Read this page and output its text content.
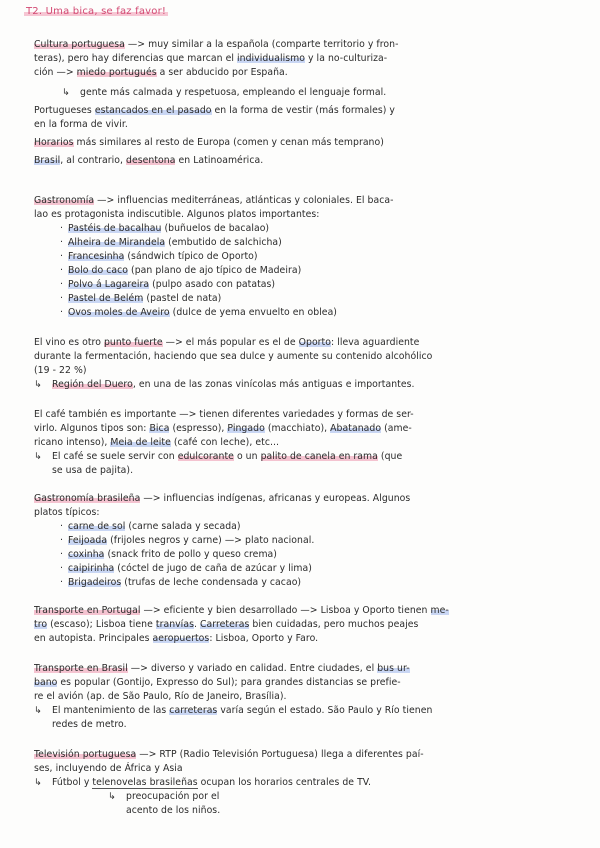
T2. Uma bica, se faz favor!
Cultura portuguesa —> muy similar a la española (comparte territorio y fron-
teras), pero hay diferencias que marcan el individualismo y la no-culturiza-
ción —> miedo portugués a ser abducido por España.
↳ gente más calmada y respetuosa, empleando el lenguaje formal.
Portugueses estancados en el pasado en la forma de vestir (más formales) y
en la forma de vivir.
Horarios más similares al resto de Europa (comen y cenan más temprano)
Brasil, al contrario, desentona en Latinoamérica.
Gastronomía —> influencias mediterráneas, atlánticas y coloniales. El baca-
lao es protagonista indiscutible. Algunos platos importantes:
· Pastéis de bacalhau (buñuelos de bacalao)
· Alheira de Mirandela (embutido de salchicha)
· Francesinha (sándwich típico de Oporto)
· Bolo do caco (pan plano de ajo típico de Madeira)
· Polvo á Lagareira (pulpo asado con patatas)
· Pastel de Belém (pastel de nata)
· Ovos moles de Aveiro (dulce de yema envuelto en oblea)
El vino es otro punto fuerte —> el más popular es el de Oporto: lleva aguardiente
durante la fermentación, haciendo que sea dulce y aumente su contenido alcohólico
(19 - 22 %)
↳ Región del Duero, en una de las zonas vinícolas más antiguas e importantes.
El café también es importante —> tienen diferentes variedades y formas de ser-
virlo. Algunos tipos son: Bica (espresso), Pingado (macchiato), Abatanado (ame-
ricano intenso), Meia de leite (café con leche), etc...
↳ El café se suele servir con edulcorante o un palito de canela en rama (que
se usa de pajita).
Gastronomía brasileña —> influencias indígenas, africanas y europeas. Algunos
platos típicos:
· carne de sol (carne salada y secada)
· Feijoada (frijoles negros y carne) —> plato nacional.
· coxinha (snack frito de pollo y queso crema)
· caipirinha (cóctel de jugo de caña de azúcar y lima)
· Brigadeiros (trufas de leche condensada y cacao)
Transporte en Portugal —> eficiente y bien desarrollado —> Lisboa y Oporto tienen me-
tro (escaso); Lisboa tiene tranvías. Carreteras bien cuidadas, pero muchos peajes
en autopista. Principales aeropuertos: Lisboa, Oporto y Faro.
Transporte en Brasil —> diverso y variado en calidad. Entre ciudades, el bus ur-
bano es popular (Gontijo, Expresso do Sul); para grandes distancias se prefie-
re el avión (ap. de São Paulo, Río de Janeiro, Brasília).
↳ El mantenimiento de las carreteras varía según el estado. São Paulo y Río tienen
redes de metro.
Televisión portuguesa —> RTP (Radio Televisión Portuguesa) llega a diferentes paí-
ses, incluyendo de África y Asia
↳ Fútbol y telenovelas brasileñas ocupan los horarios centrales de TV.
↳ preocupación por el
acento de los niños.
